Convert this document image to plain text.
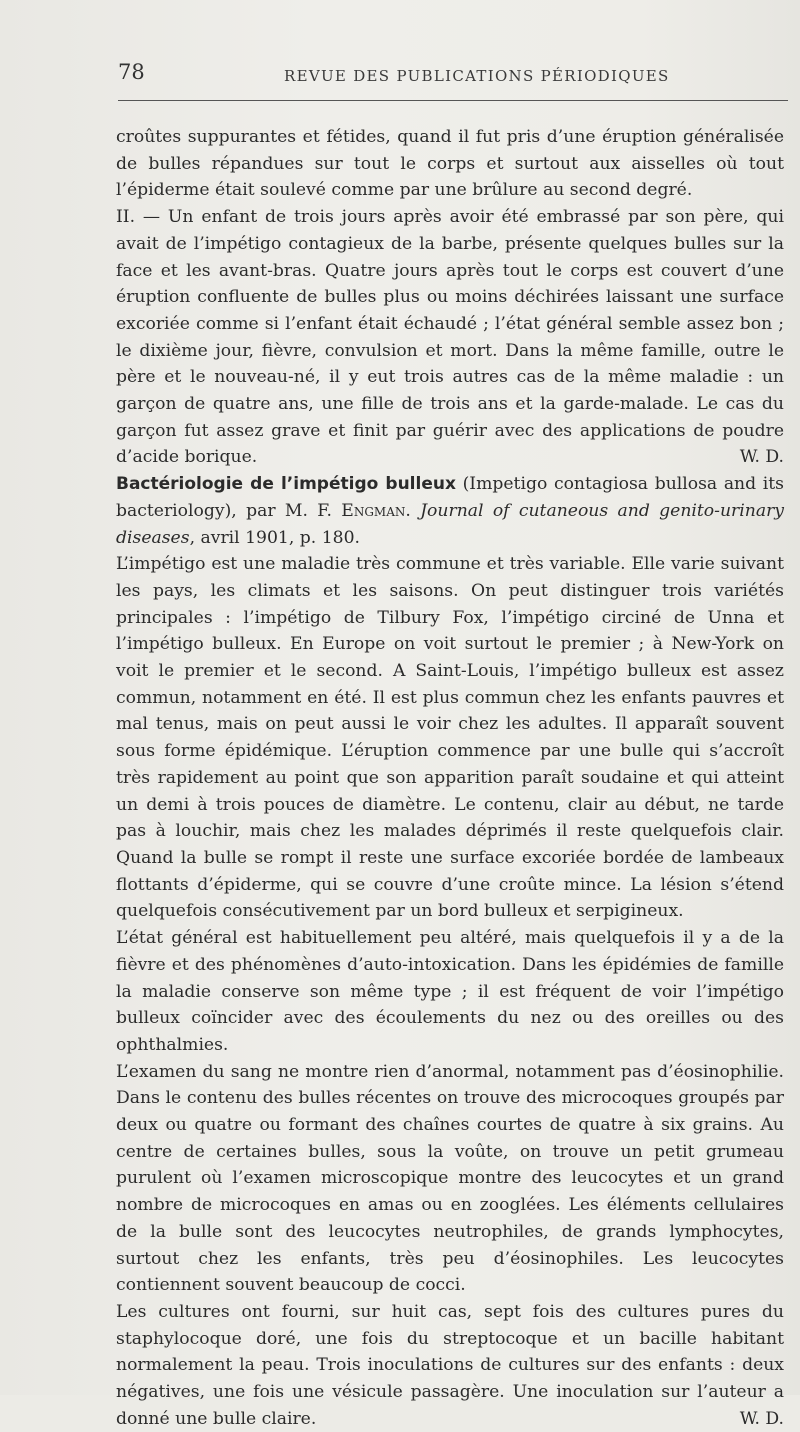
78	REVUE DES PUBLICATIONS PÉRIODIQUES

croûtes suppurantes et fétides, quand il fut pris d’une éruption généralisée de bulles répandues sur tout le corps et surtout aux aisselles où tout l’épiderme était soulevé comme par une brûlure au second degré.

II. — Un enfant de trois jours après avoir été embrassé par son père, qui avait de l’impétigo contagieux de la barbe, présente quelques bulles sur la face et les avant-bras. Quatre jours après tout le corps est couvert d’une éruption confluente de bulles plus ou moins déchirées laissant une surface excoriée comme si l’enfant était échaudé ; l’état général semble assez bon ; le dixième jour, fièvre, convulsion et mort. Dans la même famille, outre le père et le nouveau-né, il y eut trois autres cas de la même maladie : un garçon de quatre ans, une fille de trois ans et la garde-malade. Le cas du garçon fut assez grave et finit par guérir avec des applications de poudre d’acide borique.	W. D.

Bactériologie de l’impétigo bulleux (Impetigo contagiosa bullosa and its bacteriology), par M. F. Engman. Journal of cutaneous and genito-urinary diseases, avril 1901, p. 180.

L’impétigo est une maladie très commune et très variable. Elle varie suivant les pays, les climats et les saisons. On peut distinguer trois variétés principales : l’impétigo de Tilbury Fox, l’impétigo circiné de Unna et l’impétigo bulleux. En Europe on voit surtout le premier ; à New-York on voit le premier et le second. A Saint-Louis, l’impétigo bulleux est assez commun, notamment en été. Il est plus commun chez les enfants pauvres et mal tenus, mais on peut aussi le voir chez les adultes. Il apparaît souvent sous forme épidémique. L’éruption commence par une bulle qui s’accroît très rapidement au point que son apparition paraît soudaine et qui atteint un demi à trois pouces de diamètre. Le contenu, clair au début, ne tarde pas à louchir, mais chez les malades déprimés il reste quelquefois clair. Quand la bulle se rompt il reste une surface excoriée bordée de lambeaux flottants d’épiderme, qui se couvre d’une croûte mince. La lésion s’étend quelquefois consécutivement par un bord bulleux et serpigineux.

L’état général est habituellement peu altéré, mais quelquefois il y a de la fièvre et des phénomènes d’auto-intoxication. Dans les épidémies de famille la maladie conserve son même type ; il est fréquent de voir l’impétigo bulleux coïncider avec des écoulements du nez ou des oreilles ou des ophthalmies.

L’examen du sang ne montre rien d’anormal, notamment pas d’éosinophilie. Dans le contenu des bulles récentes on trouve des microcoques groupés par deux ou quatre ou formant des chaînes courtes de quatre à six grains. Au centre de certaines bulles, sous la voûte, on trouve un petit grumeau purulent où l’examen microscopique montre des leucocytes et un grand nombre de microcoques en amas ou en zooglées. Les éléments cellulaires de la bulle sont des leucocytes neutrophiles, de grands lymphocytes, surtout chez les enfants, très peu d’éosinophiles. Les leucocytes contiennent souvent beaucoup de cocci.

Les cultures ont fourni, sur huit cas, sept fois des cultures pures du staphylocoque doré, une fois du streptocoque et un bacille habitant normalement la peau. Trois inoculations de cultures sur des enfants : deux négatives, une fois une vésicule passagère. Une inoculation sur l’auteur a donné une bulle claire.	W. D.
